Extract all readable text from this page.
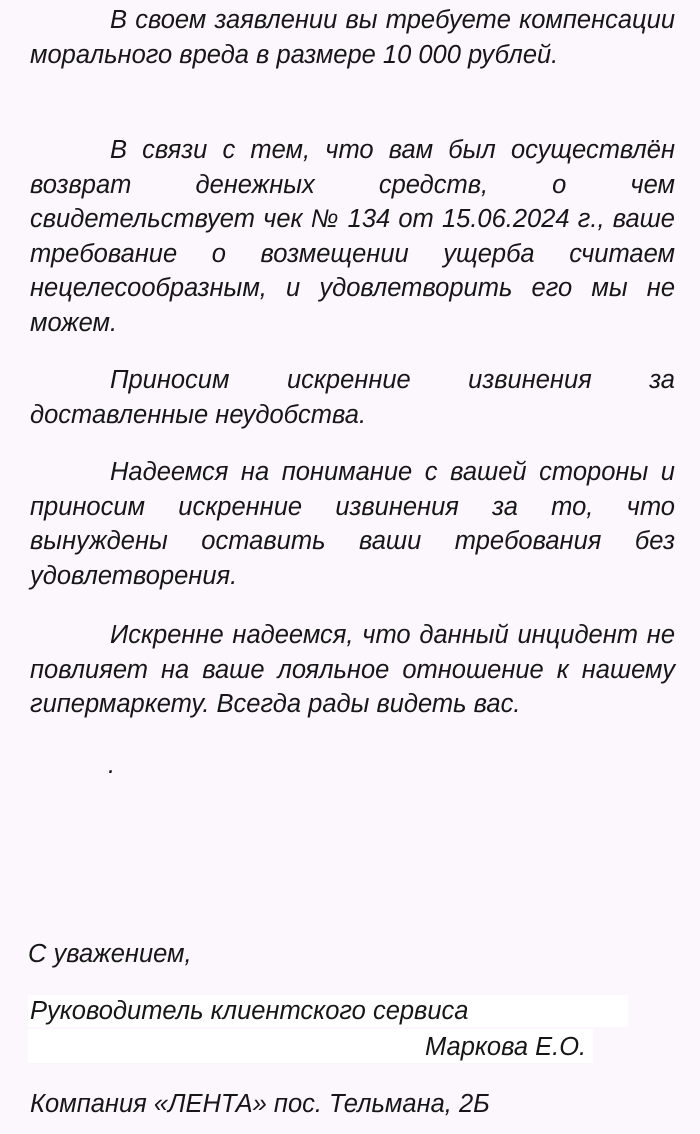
В своем заявлении вы требуете компенсации морального вреда в размере 10 000 рублей.

В связи с тем, что вам был осуществлён возврат денежных средств, о чем свидетельствует чек № 134 от 15.06.2024 г., ваше требование о возмещении ущерба считаем нецелесообразным, и удовлетворить его мы не можем.

Приносим искренние извинения за доставленные неудобства.

Надеемся на понимание с вашей стороны и приносим искренние извинения за то, что вынуждены оставить ваши требования без удовлетворения.

Искренне надеемся, что данный инцидент не повлияет на ваше лояльное отношение к нашему гипермаркету. Всегда рады видеть вас.

.
С уважением,
Руководитель клиентского сервиса
Маркова Е.О.
Компания «ЛЕНТА» пос. Тельмана, 2Б
